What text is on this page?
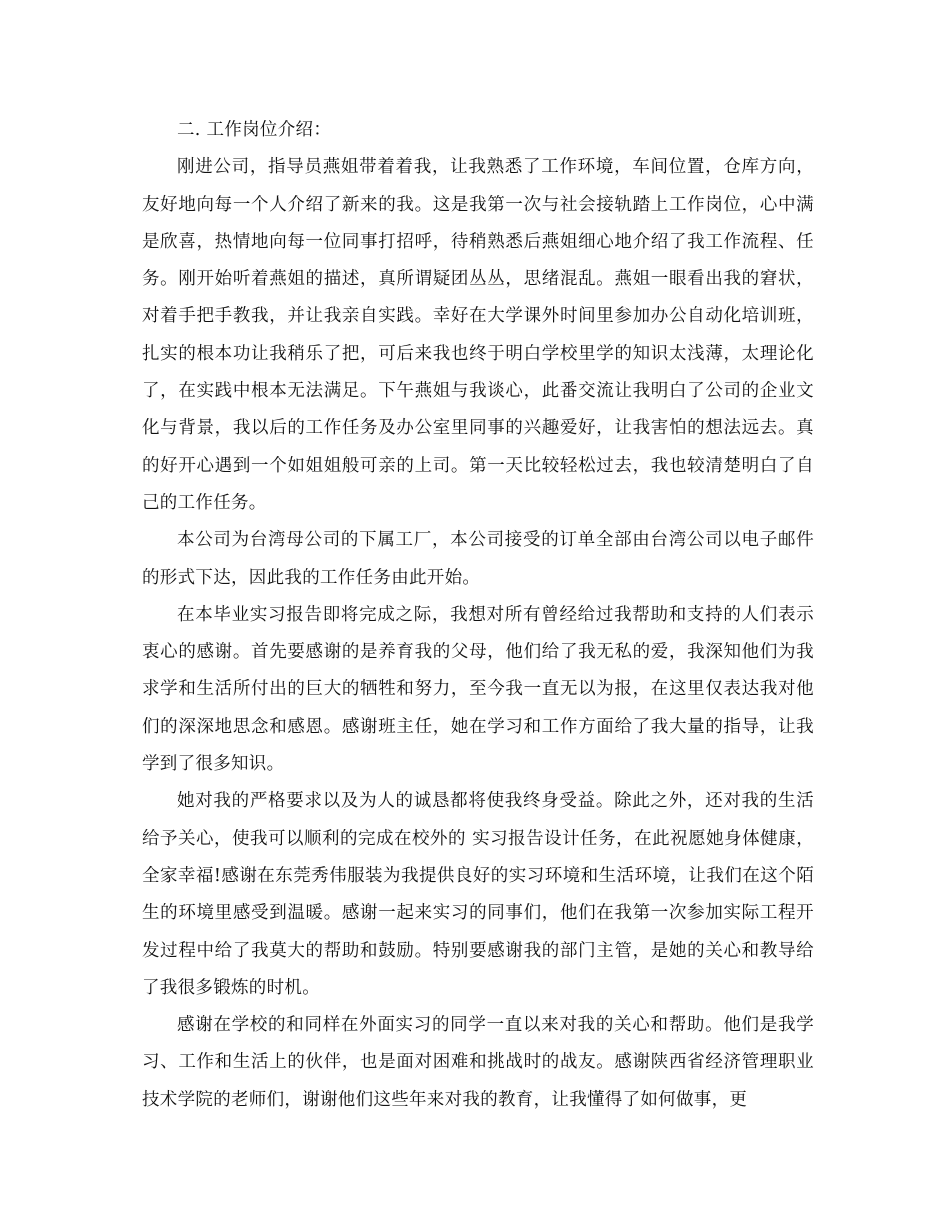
二. 工作岗位介绍：

刚进公司，指导员燕姐带着着我，让我熟悉了工作环境，车间位置，仓库方向，友好地向每一个人介绍了新来的我。这是我第一次与社会接轨踏上工作岗位，心中满是欣喜，热情地向每一位同事打招呼，待稍熟悉后燕姐细心地介绍了我工作流程、任务。刚开始听着燕姐的描述，真所谓疑团丛丛，思绪混乱。燕姐一眼看出我的窘状，对着手把手教我，并让我亲自实践。幸好在大学课外时间里参加办公自动化培训班，扎实的根本功让我稍乐了把，可后来我也终于明白学校里学的知识太浅薄，太理论化了，在实践中根本无法满足。下午燕姐与我谈心，此番交流让我明白了公司的企业文化与背景，我以后的工作任务及办公室里同事的兴趣爱好，让我害怕的想法远去。真的好开心遇到一个如姐姐般可亲的上司。第一天比较轻松过去，我也较清楚明白了自己的工作任务。

本公司为台湾母公司的下属工厂，本公司接受的订单全部由台湾公司以电子邮件的形式下达，因此我的工作任务由此开始。

在本毕业实习报告即将完成之际，我想对所有曾经给过我帮助和支持的人们表示衷心的感谢。首先要感谢的是养育我的父母，他们给了我无私的爱，我深知他们为我求学和生活所付出的巨大的牺牲和努力，至今我一直无以为报，在这里仅表达我对他们的深深地思念和感恩。感谢班主任，她在学习和工作方面给了我大量的指导，让我学到了很多知识。

她对我的严格要求以及为人的诚恳都将使我终身受益。除此之外，还对我的生活给予关心，使我可以顺利的完成在校外的 实习报告设计任务，在此祝愿她身体健康，全家幸福!感谢在东莞秀伟服装为我提供良好的实习环境和生活环境，让我们在这个陌生的环境里感受到温暖。感谢一起来实习的同事们，他们在我第一次参加实际工程开发过程中给了我莫大的帮助和鼓励。特别要感谢我的部门主管，是她的关心和教导给了我很多锻炼的时机。

感谢在学校的和同样在外面实习的同学一直以来对我的关心和帮助。他们是我学习、工作和生活上的伙伴，也是面对困难和挑战时的战友。感谢陕西省经济管理职业技术学院的老师们，谢谢他们这些年来对我的教育，让我懂得了如何做事，更
